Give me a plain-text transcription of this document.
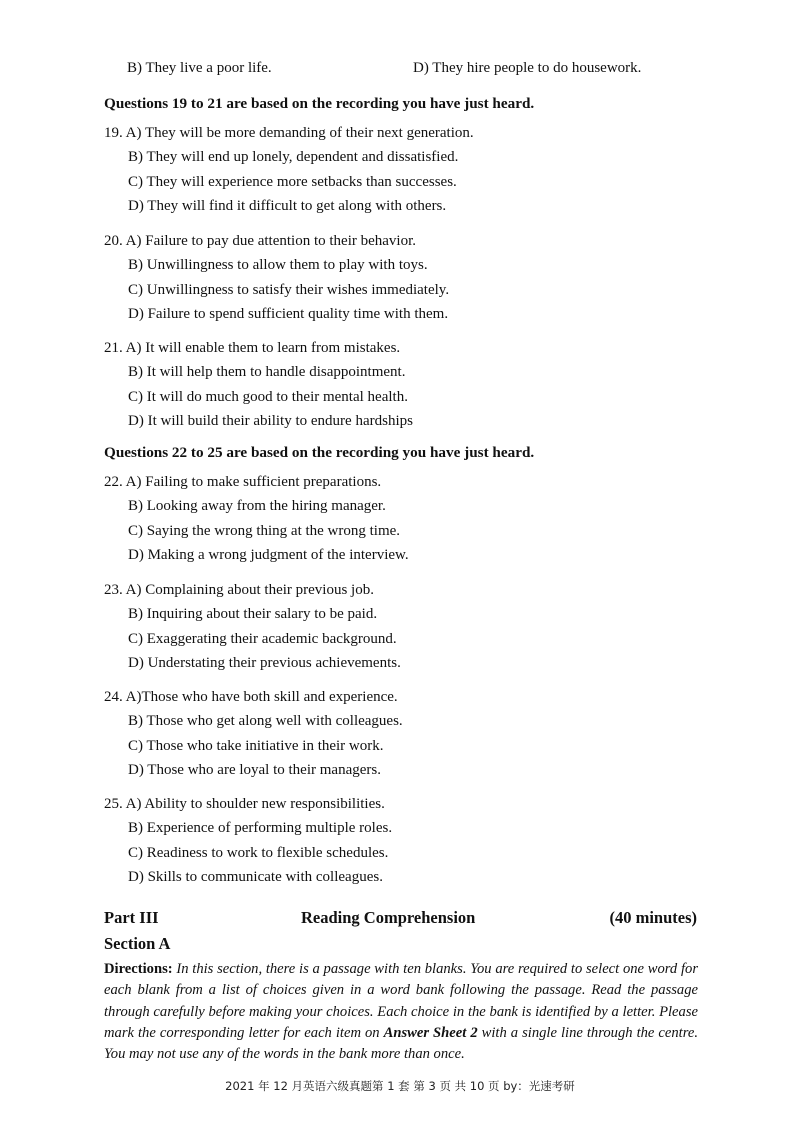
B) They live a poor life.	D) They hire people to do housework.
Questions 19 to 21 are based on the recording you have just heard.
19. A) They will be more demanding of their next generation.
B) They will end up lonely, dependent and dissatisfied.
C) They will experience more setbacks than successes.
D) They will find it difficult to get along with others.
20. A) Failure to pay due attention to their behavior.
B) Unwillingness to allow them to play with toys.
C) Unwillingness to satisfy their wishes immediately.
D) Failure to spend sufficient quality time with them.
21. A) It will enable them to learn from mistakes.
B) It will help them to handle disappointment.
C) It will do much good to their mental health.
D) It will build their ability to endure hardships
Questions 22 to 25 are based on the recording you have just heard.
22. A) Failing to make sufficient preparations.
B) Looking away from the hiring manager.
C) Saying the wrong thing at the wrong time.
D) Making a wrong judgment of the interview.
23. A) Complaining about their previous job.
B) Inquiring about their salary to be paid.
C) Exaggerating their academic background.
D) Understating their previous achievements.
24. A)Those who have both skill and experience.
B) Those who get along well with colleagues.
C) Those who take initiative in their work.
D) Those who are loyal to their managers.
25. A) Ability to shoulder new responsibilities.
B) Experience of performing multiple roles.
C) Readiness to work to flexible schedules.
D) Skills to communicate with colleagues.
Part III	Reading Comprehension	(40 minutes)
Section A
Directions: In this section, there is a passage with ten blanks. You are required to select one word for each blank from a list of choices given in a word bank following the passage. Read the passage through carefully before making your choices. Each choice in the bank is identified by a letter. Please mark the corresponding letter for each item on Answer Sheet 2 with a single line through the centre. You may not use any of the words in the bank more than once.
2021 年 12 月英语六级真题第 1 套 第 3 页 共 10 页 by：光速考研
